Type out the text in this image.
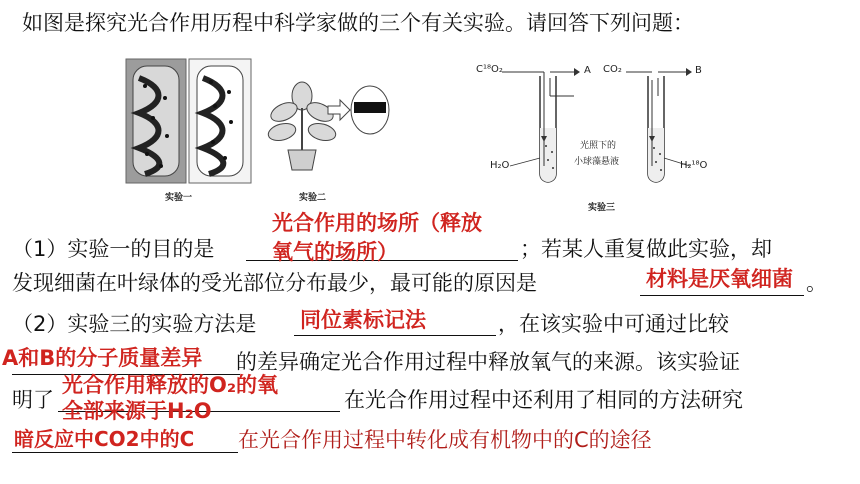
如图是探究光合作用历程中科学家做的三个有关实验。请回答下列问题：
实验一	实验二
C¹⁸O₂	A CO₂	B
H₂O	H₂¹⁸O
光照下的
小球藻悬液
实验三
（1）实验一的目的是
光合作用的场所（释放
氧气的场所）	；若某人重复做此实验，却
发现细菌在叶绿体的受光部位分布最少，最可能的原因是	材料是厌氧细菌 。
（2）实验三的实验方法是 同位素标记法	，在该实验中可通过比较
A和B的分子质量差异 的差异确定光合作用过程中释放氧气的来源。该实验证
明了
光合作用释放的O₂的氧
全部来源于H₂O	在光合作用过程中还利用了相同的方法研究
暗反应中CO2中的C 在光合作用过程中转化成有机物中的C的途径
